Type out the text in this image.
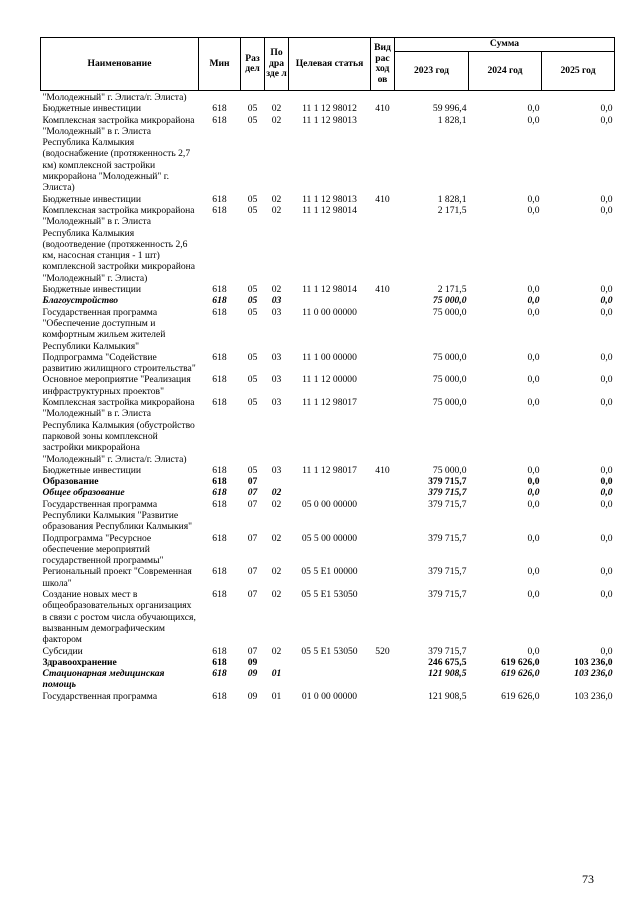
Наименование	Мин	Раз дел	По дра зде л	Целевая статья	Вид рас ход ов	Сумма		
						2023 год	2024 год	2025 год
"Молодежный" г. Элиста/г. Элиста)								
Бюджетные инвестиции	618	05	02	11 1 12 98012	410	59 996,4	0,0	0,0
Комплексная застройка микрорайона "Молодежный" в г. Элиста Республика Калмыкия (водоснабжение (протяженность 2,7 км) комплексной застройки микрорайона "Молодежный" г. Элиста)	618	05	02	11 1 12 98013		1 828,1	0,0	0,0
Бюджетные инвестиции	618	05	02	11 1 12 98013	410	1 828,1	0,0	0,0
Комплексная застройка микрорайона "Молодежный" в г. Элиста Республика Калмыкия (водоотведение (протяженность 2,6 км, насосная станция - 1 шт) комплексной застройки микрорайона "Молодежный" г. Элиста)	618	05	02	11 1 12 98014		2 171,5	0,0	0,0
Бюджетные инвестиции	618	05	02	11 1 12 98014	410	2 171,5	0,0	0,0
Благоустройство	618	05	03			75 000,0	0,0	0,0
Государственная программа "Обеспечение доступным и комфортным жильем жителей Республики Калмыкия"	618	05	03	11 0 00 00000		75 000,0	0,0	0,0
Подпрограмма "Содействие развитию жилищного строительства"	618	05	03	11 1 00 00000		75 000,0	0,0	0,0
Основное мероприятие "Реализация инфраструктурных проектов"	618	05	03	11 1 12 00000		75 000,0	0,0	0,0
Комплексная застройка микрорайона "Молодежный" в г. Элиста Республика Калмыкия (обустройство парковой зоны комплексной застройки микрорайона "Молодежный" г. Элиста/г. Элиста)	618	05	03	11 1 12 98017		75 000,0	0,0	0,0
Бюджетные инвестиции	618	05	03	11 1 12 98017	410	75 000,0	0,0	0,0
Образование	618	07				379 715,7	0,0	0,0
Общее образование	618	07	02			379 715,7	0,0	0,0
Государственная программа Республики Калмыкия "Развитие образования Республики Калмыкия"	618	07	02	05 0 00 00000		379 715,7	0,0	0,0
Подпрограмма "Ресурсное обеспечение мероприятий государственной программы"	618	07	02	05 5 00 00000		379 715,7	0,0	0,0
Региональный проект "Современная школа"	618	07	02	05 5 E1 00000		379 715,7	0,0	0,0
Создание новых мест в общеобразовательных организациях в связи с ростом числа обучающихся, вызванным демографическим фактором	618	07	02	05 5 E1 53050		379 715,7	0,0	0,0
Субсидии	618	07	02	05 5 E1 53050	520	379 715,7	0,0	0,0
Здравоохранение	618	09				246 675,5	619 626,0	103 236,0
Стационарная медицинская помощь	618	09	01			121 908,5	619 626,0	103 236,0
Государственная программа	618	09	01	01 0 00 00000		121 908,5	619 626,0	103 236,0
73
